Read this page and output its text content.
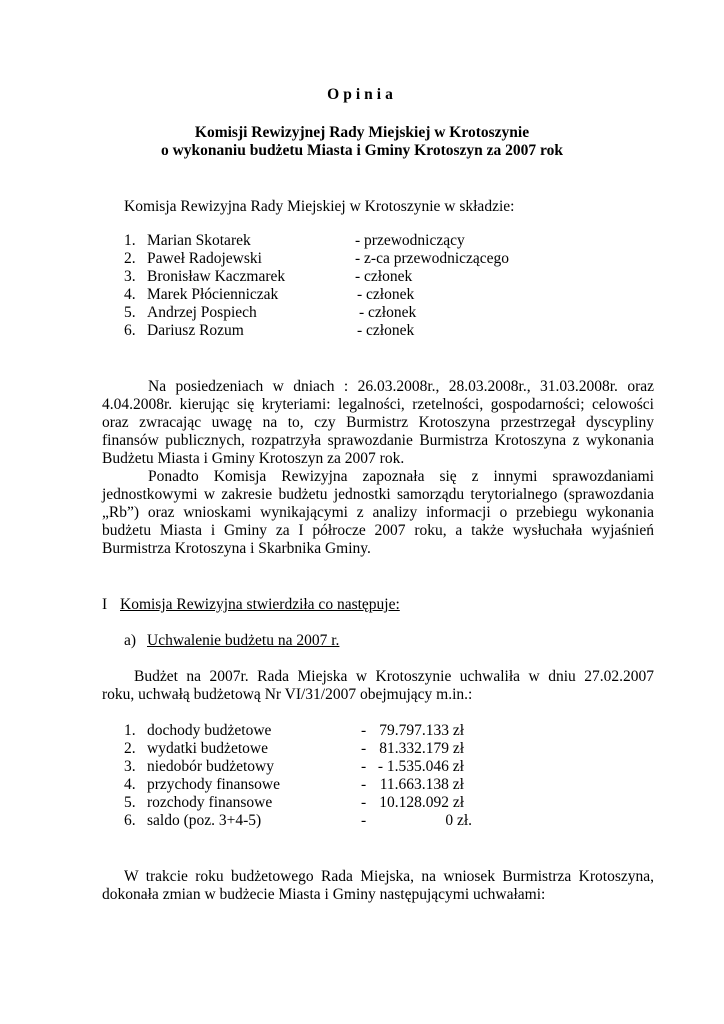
Opinia
Komisji Rewizyjnej Rady Miejskiej w Krotoszynie
o wykonaniu budżetu Miasta i Gminy Krotoszyn za 2007 rok
Komisja Rewizyjna Rady Miejskiej w Krotoszynie w składzie:
1. Marian Skotarek	- przewodniczący
2. Paweł Radojewski	- z-ca przewodniczącego
3. Bronisław Kaczmarek	- członek
4. Marek Płócienniczak	- członek
5. Andrzej Pospiech	- członek
6. Dariusz Rozum	- członek
Na posiedzeniach w dniach : 26.03.2008r., 28.03.2008r., 31.03.2008r. oraz
4.04.2008r. kierując się kryteriami: legalności, rzetelności, gospodarności; celowości
oraz zwracając uwagę na to, czy Burmistrz Krotoszyna przestrzegał dyscypliny
finansów publicznych, rozpatrzyła sprawozdanie Burmistrza Krotoszyna z wykonania
Budżetu Miasta i Gminy Krotoszyn za 2007 rok.
Ponadto Komisja Rewizyjna zapoznała się z innymi sprawozdaniami
jednostkowymi w zakresie budżetu jednostki samorządu terytorialnego (sprawozdania
„Rb”) oraz wnioskami wynikającymi z analizy informacji o przebiegu wykonania
budżetu Miasta i Gminy za I półrocze 2007 roku, a także wysłuchała wyjaśnień
Burmistrza Krotoszyna i Skarbnika Gminy.
I Komisja Rewizyjna stwierdziła co następuje:
a) Uchwalenie budżetu na 2007 r.
Budżet na 2007r. Rada Miejska w Krotoszynie uchwaliła w dniu 27.02.2007
roku, uchwałą budżetową Nr VI/31/2007 obejmujący m.in.:
1. dochody budżetowe	- 79.797.133 zł
2. wydatki budżetowe	- 81.332.179 zł
3. niedobór budżetowy	- - 1.535.046 zł
4. przychody finansowe	- 11.663.138 zł
5. rozchody finansowe	- 10.128.092 zł
6. saldo (poz. 3+4-5)	-	0 zł.
W trakcie roku budżetowego Rada Miejska, na wniosek Burmistrza Krotoszyna,
dokonała zmian w budżecie Miasta i Gminy następującymi uchwałami:
